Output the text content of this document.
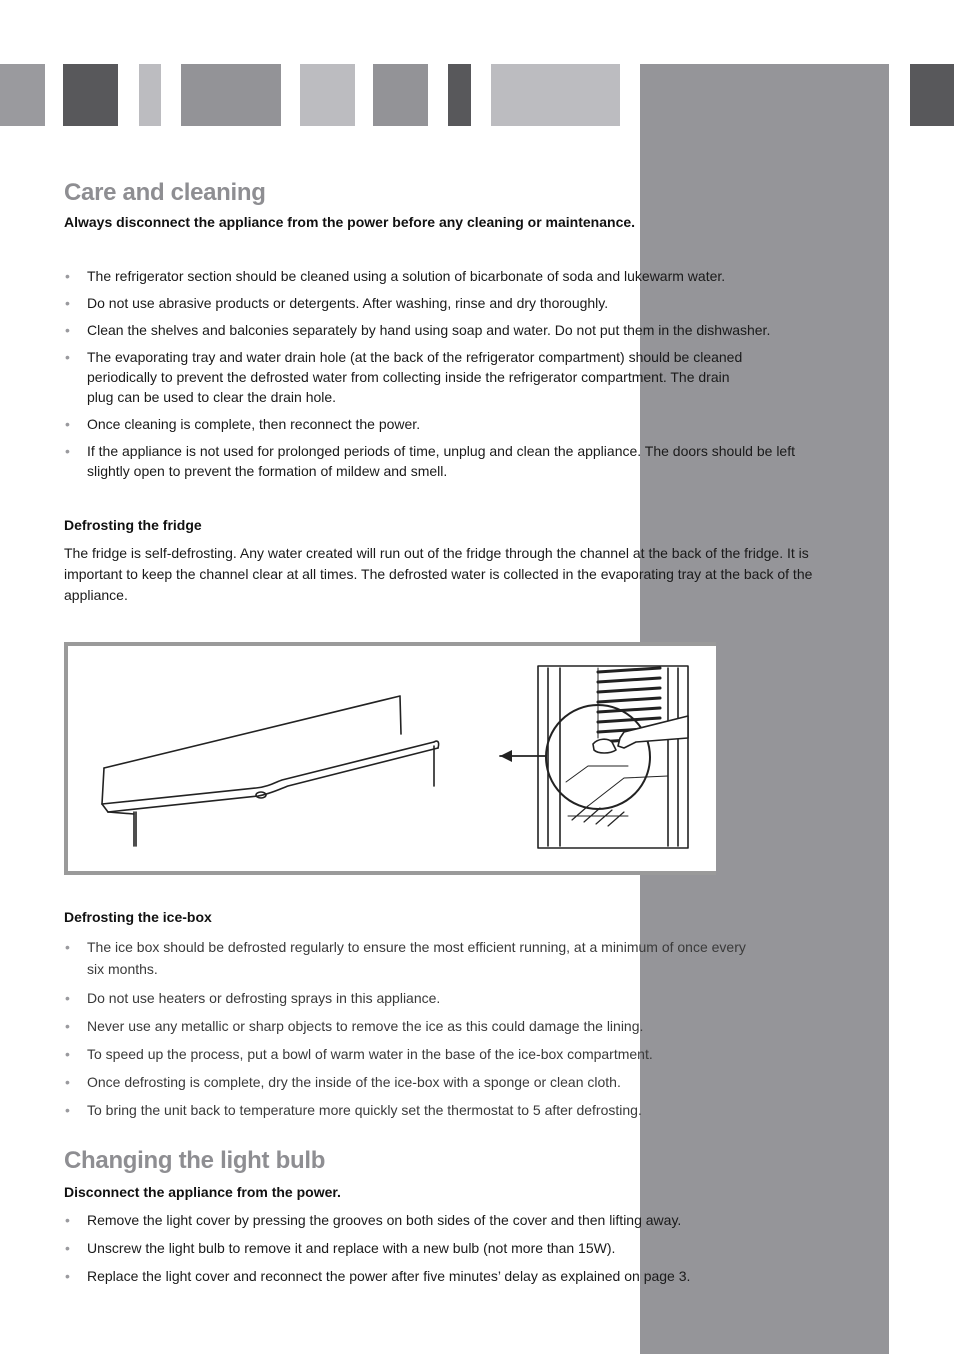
Care and cleaning

Always disconnect the appliance from the power before any cleaning or maintenance.

• The refrigerator section should be cleaned using a solution of bicarbonate of soda and lukewarm water.
• Do not use abrasive products or detergents. After washing, rinse and dry thoroughly.
• Clean the shelves and balconies separately by hand using soap and water. Do not put them in the dishwasher.
• The evaporating tray and water drain hole (at the back of the refrigerator compartment) should be cleaned periodically to prevent the defrosted water from collecting inside the refrigerator compartment. The drain plug can be used to clear the drain hole.
• Once cleaning is complete, then reconnect the power.
• If the appliance is not used for prolonged periods of time, unplug and clean the appliance. The doors should be left slightly open to prevent the formation of mildew and smell.
Defrosting the fridge

The fridge is self-defrosting. Any water created will run out of the fridge through the channel at the back of the fridge. It is important to keep the channel clear at all times. The defrosted water is collected in the evaporating tray at the back of the appliance.

Defrosting the ice-box
• The ice box should be defrosted regularly to ensure the most efficient running, at a minimum of once every six months.
• Do not use heaters or defrosting sprays in this appliance.
• Never use any metallic or sharp objects to remove the ice as this could damage the lining.
• To speed up the process, put a bowl of warm water in the base of the ice-box compartment.
• Once defrosting is complete, dry the inside of the ice-box with a sponge or clean cloth.
• To bring the unit back to temperature more quickly set the thermostat to 5 after defrosting.
Changing the light bulb

Disconnect the appliance from the power.

• Remove the light cover by pressing the grooves on both sides of the cover and then lifting away.
• Unscrew the light bulb to remove it and replace with a new bulb (not more than 15W).
• Replace the light cover and reconnect the power after five minutes’ delay as explained on page 3.
